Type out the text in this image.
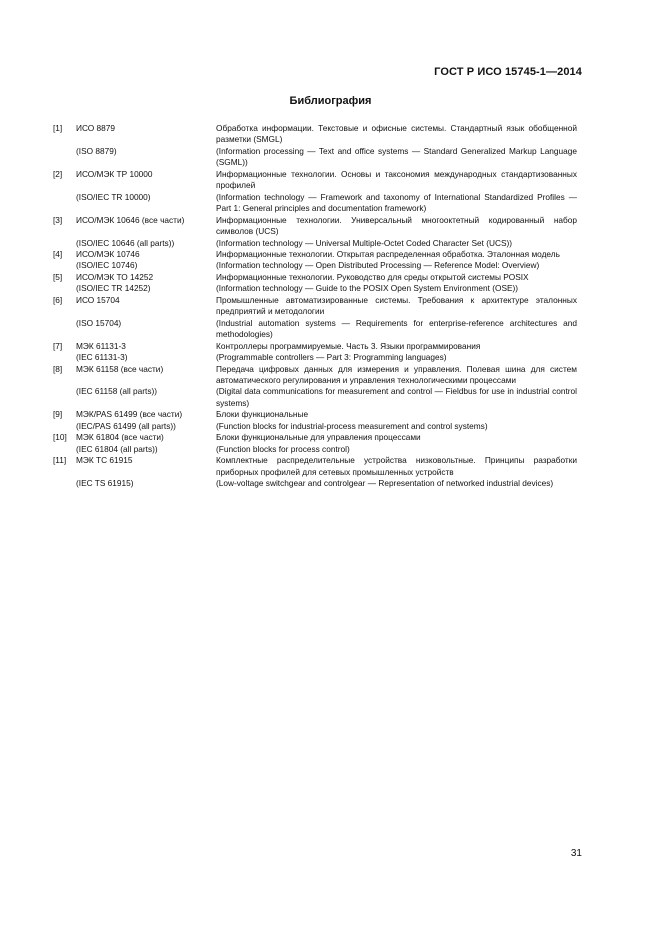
ГОСТ Р ИСО 15745-1—2014
Библиография
[1]	ИСО 8879	Обработка информации. Текстовые и офисные системы. Стандартный язык обобщенной разметки (SMGL)
(ISO 8879)	(Information processing — Text and office systems — Standard Generalized Markup Language (SGML))
[2]	ИСО/МЭК ТР 10000	Информационные технологии. Основы и таксономия международных стандартизованных профилей
(ISO/IEC TR 10000)	(Information technology — Framework and taxonomy of International Standardized Profiles — Part 1: General principles and documentation framework)
[3]	ИСО/МЭК 10646 (все части)	Информационные технологии. Универсальный многооктетный кодированный набор символов (UCS)
(ISO/IEC 10646 (all parts))	(Information technology — Universal Multiple-Octet Coded Character Set (UCS))
[4]	ИСО/МЭК 10746	Информационные технологии. Открытая распределенная обработка. Эталонная модель
(ISO/IEC 10746)	(Information technology — Open Distributed Processing — Reference Model: Overview)
[5]	ИСО/МЭК ТО 14252	Информационные технологии. Руководство для среды открытой системы POSIX
(ISO/IEC TR 14252)	(Information technology — Guide to the POSIX Open System Environment (OSE))
[6]	ИСО 15704	Промышленные автоматизированные системы. Требования к архитектуре эталонных предприятий и методологии
(ISO 15704)	(Industrial automation systems — Requirements for enterprise-reference architectures and methodologies)
[7]	МЭК 61131-3	Контроллеры программируемые. Часть 3. Языки программирования
(IEC 61131-3)	(Programmable controllers — Part 3: Programming languages)
[8]	МЭК 61158 (все части)	Передача цифровых данных для измерения и управления. Полевая шина для систем автоматического регулирования и управления технологическими процессами
(IEC 61158 (all parts))	(Digital data communications for measurement and control — Fieldbus for use in industrial control systems)
[9]	МЭК/PAS 61499 (все части)	Блоки функциональные
(IEC/PAS 61499 (all parts))	(Function blocks for industrial-process measurement and control systems)
[10]	МЭК 61804 (все части)	Блоки функциональные для управления процессами
(IEC 61804 (all parts))	(Function blocks for process control)
[11]	МЭК ТС 61915	Комплектные распределительные устройства низковольтные. Принципы разработки приборных профилей для сетевых промышленных устройств
(IEC TS 61915)	(Low-voltage switchgear and controlgear — Representation of networked industrial devices)
31
